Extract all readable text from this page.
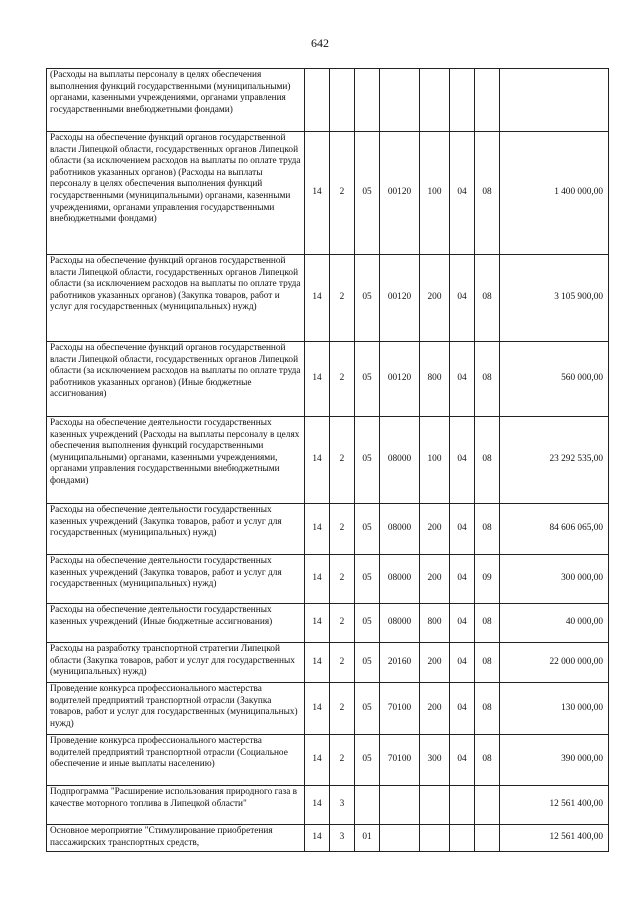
642
(Расходы на выплаты персоналу в целях обеспечения выполнения функций государственными (муниципальными) органами, казенными учреждениями, органами управления государственными внебюджетными фондами)								
Расходы на обеспечение функций органов государственной власти Липецкой области, государственных органов Липецкой области (за исключением расходов на выплаты по оплате труда работников указанных органов) (Расходы на выплаты персоналу в целях обеспечения выполнения функций государственными (муниципальными) органами, казенными учреждениями, органами управления государственными внебюджетными фондами)	14	2	05	00120	100	04	08	1 400 000,00
Расходы на обеспечение функций органов государственной власти Липецкой области, государственных органов Липецкой области (за исключением расходов на выплаты по оплате труда работников указанных органов) (Закупка товаров, работ и услуг для государственных (муниципальных) нужд)	14	2	05	00120	200	04	08	3 105 900,00
Расходы на обеспечение функций органов государственной власти Липецкой области, государственных органов Липецкой области (за исключением расходов на выплаты по оплате труда работников указанных органов) (Иные бюджетные ассигнования)	14	2	05	00120	800	04	08	560 000,00
Расходы на обеспечение деятельности государственных казенных учреждений (Расходы на выплаты персоналу в целях обеспечения выполнения функций государственными (муниципальными) органами, казенными учреждениями, органами управления государственными внебюджетными фондами)	14	2	05	08000	100	04	08	23 292 535,00
Расходы на обеспечение деятельности государственных казенных учреждений (Закупка товаров, работ и услуг для государственных (муниципальных) нужд)	14	2	05	08000	200	04	08	84 606 065,00
Расходы на обеспечение деятельности государственных казенных учреждений (Закупка товаров, работ и услуг для государственных (муниципальных) нужд)	14	2	05	08000	200	04	09	300 000,00
Расходы на обеспечение деятельности государственных казенных учреждений (Иные бюджетные ассигнования)	14	2	05	08000	800	04	08	40 000,00
Расходы на разработку транспортной стратегии Липецкой области (Закупка товаров, работ и услуг для государственных (муниципальных) нужд)	14	2	05	20160	200	04	08	22 000 000,00
Проведение конкурса профессионального мастерства водителей предприятий транспортной отрасли (Закупка товаров, работ и услуг для государственных (муниципальных) нужд)	14	2	05	70100	200	04	08	130 000,00
Проведение конкурса профессионального мастерства водителей предприятий транспортной отрасли (Социальное обеспечение и иные выплаты населению)	14	2	05	70100	300	04	08	390 000,00
Подпрограмма "Расширение использования природного газа в качестве моторного топлива в Липецкой области"	14	3						12 561 400,00
Основное мероприятие "Стимулирование приобретения пассажирских транспортных средств,	14	3	01					12 561 400,00
